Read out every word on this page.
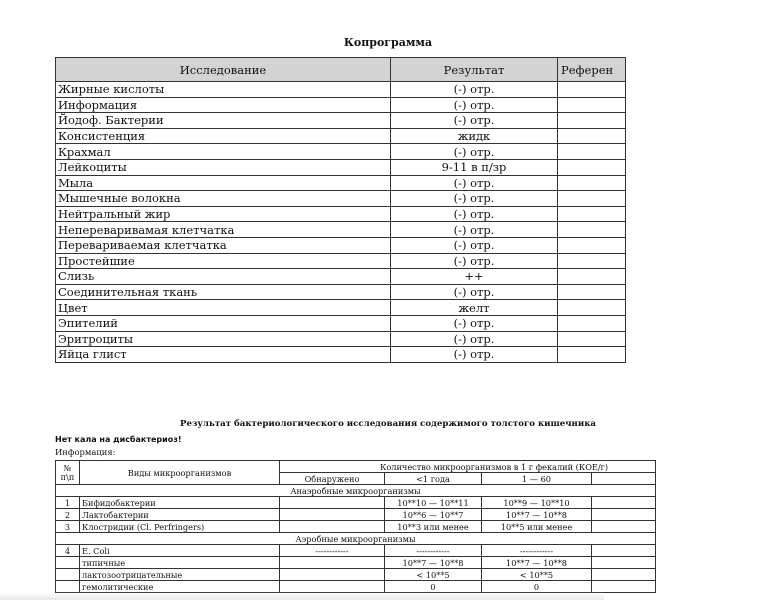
Копрограмма
Исследование	Результат	Референ
Жирные кислоты	(-) отр.	
Информация	(-) отр.	
Йодоф. Бактерии	(-) отр.	
Консистенция	жидк	
Крахмал	(-) отр.	
Лейкоциты	9-11 в п/зр	
Мыла	(-) отр.	
Мышечные волокна	(-) отр.	
Нейтральный жир	(-) отр.	
Непереваривамая клетчатка	(-) отр.	
Перевариваемая клетчатка	(-) отр.	
Простейшие	(-) отр.	
Слизь	++	
Соединительная ткань	(-) отр.	
Цвет	желт	
Эпителий	(-) отр.	
Эритроциты	(-) отр.	
Яйца глист	(-) отр.	
Результат бактериологического исследования содержимого толстого кишечника
Нет кала на дисбактериоз!
Информация:
№ п\п	Виды микроорганизмов	Количество микроорганизмов в 1 г фекалий (КОЕ/г)			
		Обнаружено	<1 года	1 — 60	
Анаэробные микроорганизмы					
1	Бифидобактерии		10**10 — 10**11	10**9 — 10**10	
2	Лактобактерии		10**6 — 10**7	10**7 — 10**8	
3	Клостридии (Cl. Perfringers)		10**3 или менее	10**5 или менее	
Аэробные микроорганизмы					
4	E. Coli	------------	------------	------------	
	типичные		10**7 — 10**8	10**7 — 10**8	
	лактозоотрицательные		< 10**5	< 10**5	
	гемолитические		0	0	
